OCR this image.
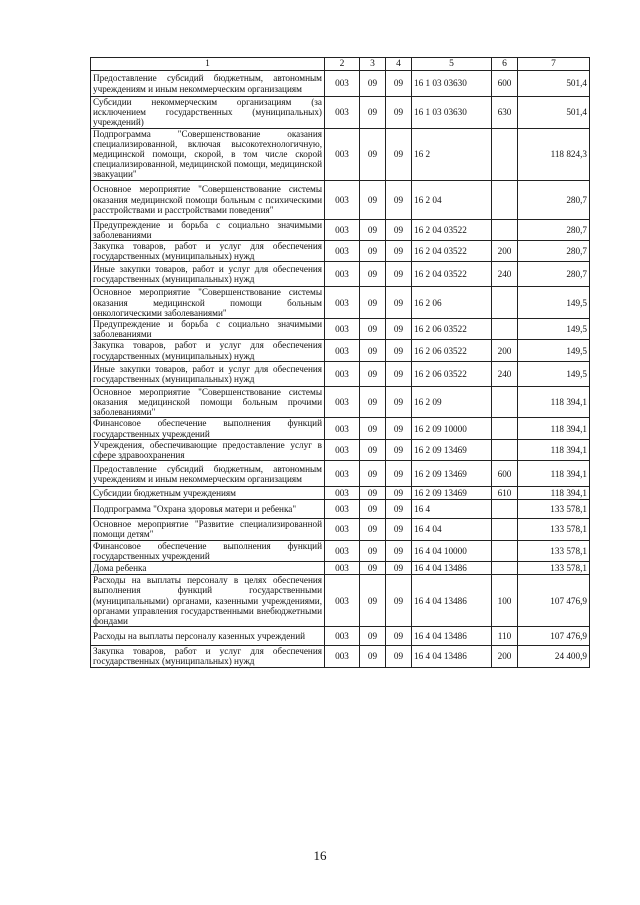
1	2	3	4	5	6	7
Предоставление субсидий бюджетным, автономным учреждениям и иным некоммерческим организациям	003	09	09	16 1 03 03630	600	501,4
Субсидии некоммерческим организациям (за исключением государственных (муниципальных) учреждений)	003	09	09	16 1 03 03630	630	501,4
Подпрограмма "Совершенствование оказания специализированной, включая высокотехнологичную, медицинской помощи, скорой, в том числе скорой специализированной, медицинской помощи, медицинской эвакуации"	003	09	09	16 2		118 824,3
Основное мероприятие "Совершенствование системы оказания медицинской помощи больным с психическими расстройствами и расстройствами поведения"	003	09	09	16 2 04		280,7
Предупреждение и борьба с социально значимыми заболеваниями	003	09	09	16 2 04 03522		280,7
Закупка товаров, работ и услуг для обеспечения государственных (муниципальных) нужд	003	09	09	16 2 04 03522	200	280,7
Иные закупки товаров, работ и услуг для обеспечения государственных (муниципальных) нужд	003	09	09	16 2 04 03522	240	280,7
Основное мероприятие "Совершенствование системы оказания медицинской помощи больным онкологическими заболеваниями"	003	09	09	16 2 06		149,5
Предупреждение и борьба с социально значимыми заболеваниями	003	09	09	16 2 06 03522		149,5
Закупка товаров, работ и услуг для обеспечения государственных (муниципальных) нужд	003	09	09	16 2 06 03522	200	149,5
Иные закупки товаров, работ и услуг для обеспечения государственных (муниципальных) нужд	003	09	09	16 2 06 03522	240	149,5
Основное мероприятие "Совершенствование системы оказания медицинской помощи больным прочими заболеваниями"	003	09	09	16 2 09		118 394,1
Финансовое обеспечение выполнения функций государственных учреждений	003	09	09	16 2 09 10000		118 394,1
Учреждения, обеспечивающие предоставление услуг в сфере здравоохранения	003	09	09	16 2 09 13469		118 394,1
Предоставление субсидий бюджетным, автономным учреждениям и иным некоммерческим организациям	003	09	09	16 2 09 13469	600	118 394,1
Субсидии бюджетным учреждениям	003	09	09	16 2 09 13469	610	118 394,1
Подпрограмма "Охрана здоровья матери и ребенка"	003	09	09	16 4		133 578,1
Основное мероприятие "Развитие специализированной помощи детям"	003	09	09	16 4 04		133 578,1
Финансовое обеспечение выполнения функций государственных учреждений	003	09	09	16 4 04 10000		133 578,1
Дома ребенка	003	09	09	16 4 04 13486		133 578,1
Расходы на выплаты персоналу в целях обеспечения выполнения функций государственными (муниципальными) органами, казенными учреждениями, органами управления государственными внебюджетными фондами	003	09	09	16 4 04 13486	100	107 476,9
Расходы на выплаты персоналу казенных учреждений	003	09	09	16 4 04 13486	110	107 476,9
Закупка товаров, работ и услуг для обеспечения государственных (муниципальных) нужд	003	09	09	16 4 04 13486	200	24 400,9
16
